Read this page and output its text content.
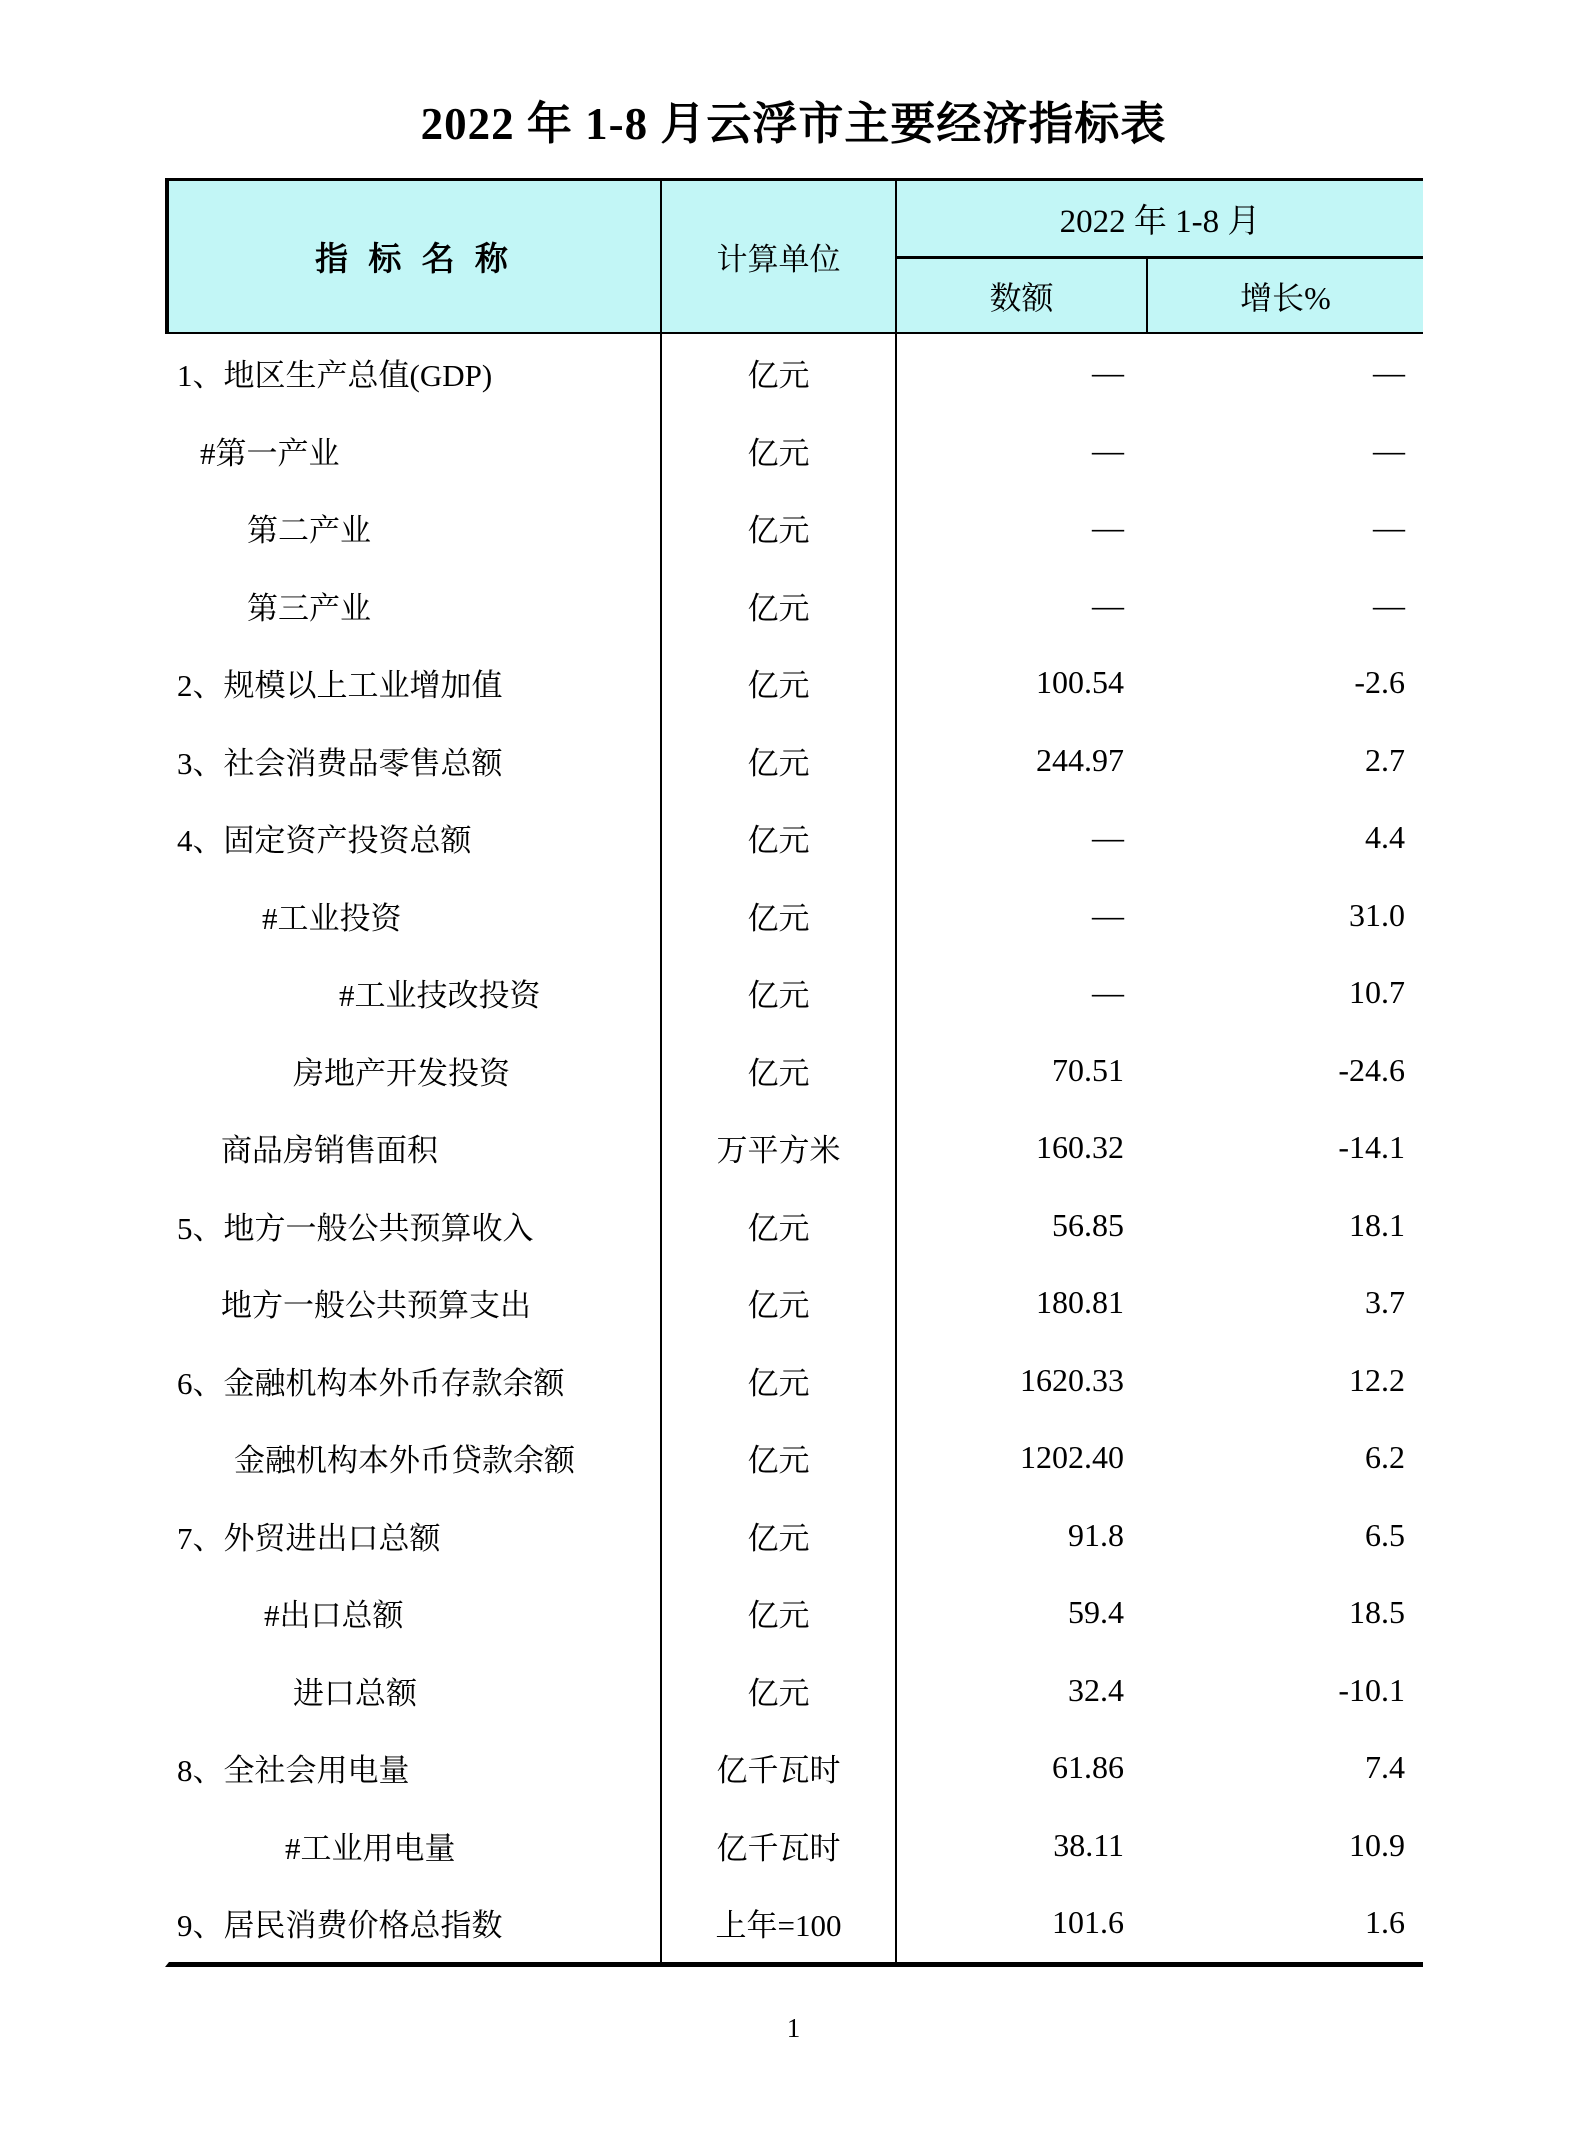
2022 年 1-8 月云浮市主要经济指标表
指 标 名 称	计算单位
2022 年 1-8 月
数额	增长%
1、地区生产总值(GDP)	亿元	—	—
#第一产业	亿元	—	—
第二产业	亿元	—	—
第三产业	亿元	—	—
2、规模以上工业增加值	亿元	100.54	-2.6
3、社会消费品零售总额	亿元	244.97	2.7
4、固定资产投资总额	亿元	—	4.4
#工业投资	亿元	—	31.0
#工业技改投资	亿元	—	10.7
房地产开发投资	亿元	70.51	-24.6
商品房销售面积	万平方米	160.32	-14.1
5、地方一般公共预算收入	亿元	56.85	18.1
地方一般公共预算支出	亿元	180.81	3.7
6、金融机构本外币存款余额	亿元	1620.33	12.2
金融机构本外币贷款余额	亿元	1202.40	6.2
7、外贸进出口总额	亿元	91.8	6.5
#出口总额	亿元	59.4	18.5
进口总额	亿元	32.4	-10.1
8、全社会用电量	亿千瓦时	61.86	7.4
#工业用电量	亿千瓦时	38.11	10.9
9、居民消费价格总指数	上年=100	101.6	1.6
1
